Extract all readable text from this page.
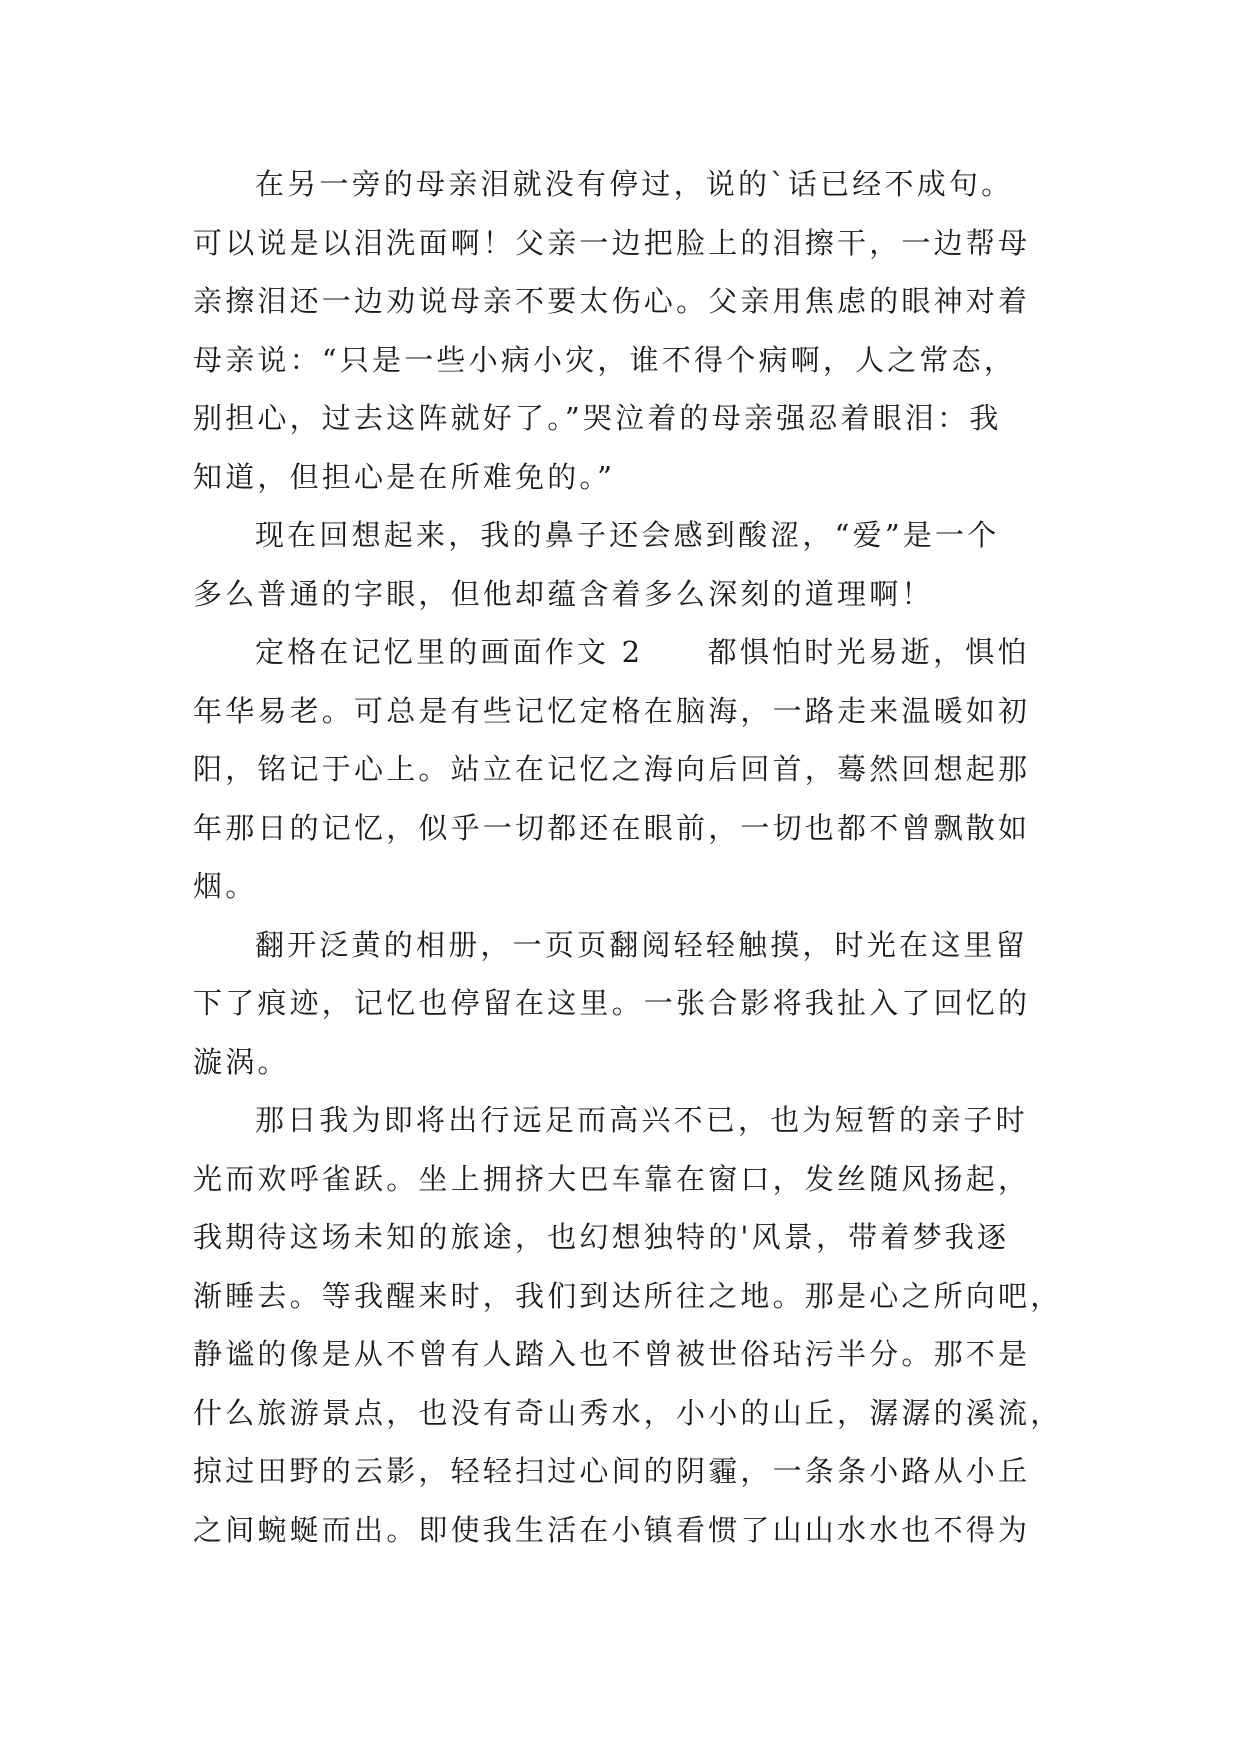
在另一旁的母亲泪就没有停过，说的`话已经不成句。
可以说是以泪洗面啊！父亲一边把脸上的泪擦干，一边帮母
亲擦泪还一边劝说母亲不要太伤心。父亲用焦虑的眼神对着
母亲说：“只是一些小病小灾，谁不得个病啊，人之常态，
别担心，过去这阵就好了。”哭泣着的母亲强忍着眼泪：我
知道，但担心是在所难免的。”
现在回想起来，我的鼻子还会感到酸涩，“爱”是一个
多么普通的字眼，但他却蕴含着多么深刻的道理啊！
定格在记忆里的画面作文 2　　都惧怕时光易逝，惧怕
年华易老。可总是有些记忆定格在脑海，一路走来温暖如初
阳，铭记于心上。站立在记忆之海向后回首，蓦然回想起那
年那日的记忆，似乎一切都还在眼前，一切也都不曾飘散如
烟。
翻开泛黄的相册，一页页翻阅轻轻触摸，时光在这里留
下了痕迹，记忆也停留在这里。一张合影将我扯入了回忆的
漩涡。
那日我为即将出行远足而高兴不已，也为短暂的亲子时
光而欢呼雀跃。坐上拥挤大巴车靠在窗口，发丝随风扬起，
我期待这场未知的旅途，也幻想独特的'风景，带着梦我逐
渐睡去。等我醒来时，我们到达所往之地。那是心之所向吧，
静谧的像是从不曾有人踏入也不曾被世俗玷污半分。那不是
什么旅游景点，也没有奇山秀水，小小的山丘，潺潺的溪流，
掠过田野的云影，轻轻扫过心间的阴霾，一条条小路从小丘
之间蜿蜒而出。即使我生活在小镇看惯了山山水水也不得为
